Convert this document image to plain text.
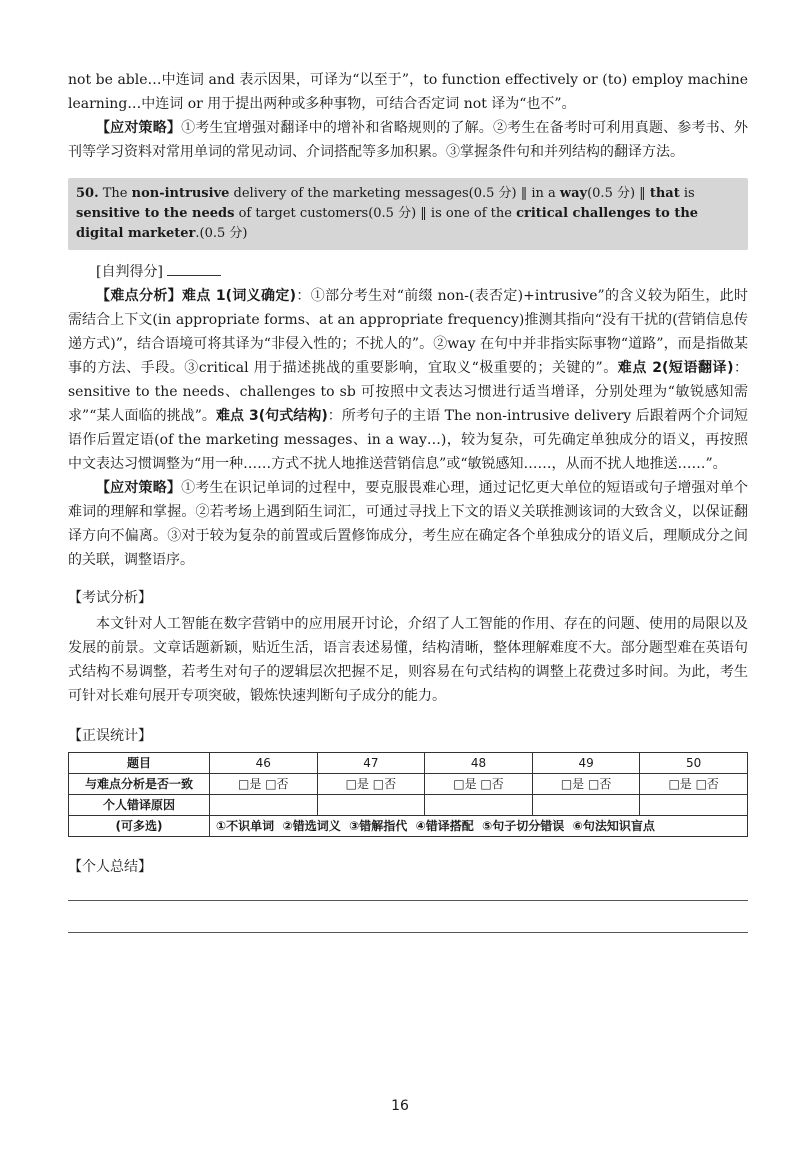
not be able…中连词 and 表示因果，可译为“以至于”，to function effectively or (to) employ machine learning…中连词 or 用于提出两种或多种事物，可结合否定词 not 译为“也不”。

【应对策略】①考生宜增强对翻译中的增补和省略规则的了解。②考生在备考时可利用真题、参考书、外刊等学习资料对常用单词的常见动词、介词搭配等多加积累。③掌握条件句和并列结构的翻译方法。

50. The non-intrusive delivery of the marketing messages(0.5 分) ‖ in a way(0.5 分) ‖ that is sensitive to the needs of target customers(0.5 分) ‖ is one of the critical challenges to the digital marketer.(0.5 分)

[自判得分]

【难点分析】难点 1(词义确定)：①部分考生对“前缀 non-(表否定)+intrusive”的含义较为陌生，此时需结合上下文(in appropriate forms、at an appropriate frequency)推测其指向“没有干扰的(营销信息传递方式)”，结合语境可将其译为“非侵入性的；不扰人的”。②way 在句中并非指实际事物“道路”，而是指做某事的方法、手段。③critical 用于描述挑战的重要影响，宜取义“极重要的；关键的”。难点 2(短语翻译)：sensitive to the needs、challenges to sb 可按照中文表达习惯进行适当增译，分别处理为“敏锐感知需求”“某人面临的挑战”。难点 3(句式结构)：所考句子的主语 The non-intrusive delivery 后跟着两个介词短语作后置定语(of the marketing messages、in a way…)，较为复杂，可先确定单独成分的语义，再按照中文表达习惯调整为“用一种……方式不扰人地推送营销信息”或“敏锐感知……，从而不扰人地推送……”。

【应对策略】①考生在识记单词的过程中，要克服畏难心理，通过记忆更大单位的短语或句子增强对单个难词的理解和掌握。②若考场上遇到陌生词汇，可通过寻找上下文的语义关联推测该词的大致含义，以保证翻译方向不偏离。③对于较为复杂的前置或后置修饰成分，考生应在确定各个单独成分的语义后，理顺成分之间的关联，调整语序。

【考试分析】

本文针对人工智能在数字营销中的应用展开讨论，介绍了人工智能的作用、存在的问题、使用的局限以及发展的前景。文章话题新颖，贴近生活，语言表述易懂，结构清晰，整体理解难度不大。部分题型难在英语句式结构不易调整，若考生对句子的逻辑层次把握不足，则容易在句式结构的调整上花费过多时间。为此，考生可针对长难句展开专项突破，锻炼快速判断句子成分的能力。

【正误统计】
题目	46	47	48	49	50
与难点分析是否一致	□是 □否	□是 □否	□是 □否	□是 □否	□是 □否
个人错译原因					
(可多选)	①不识单词 ②错选词义 ③错解指代 ④错译搭配 ⑤句子切分错误 ⑥句法知识盲点				
【个人总结】
16
